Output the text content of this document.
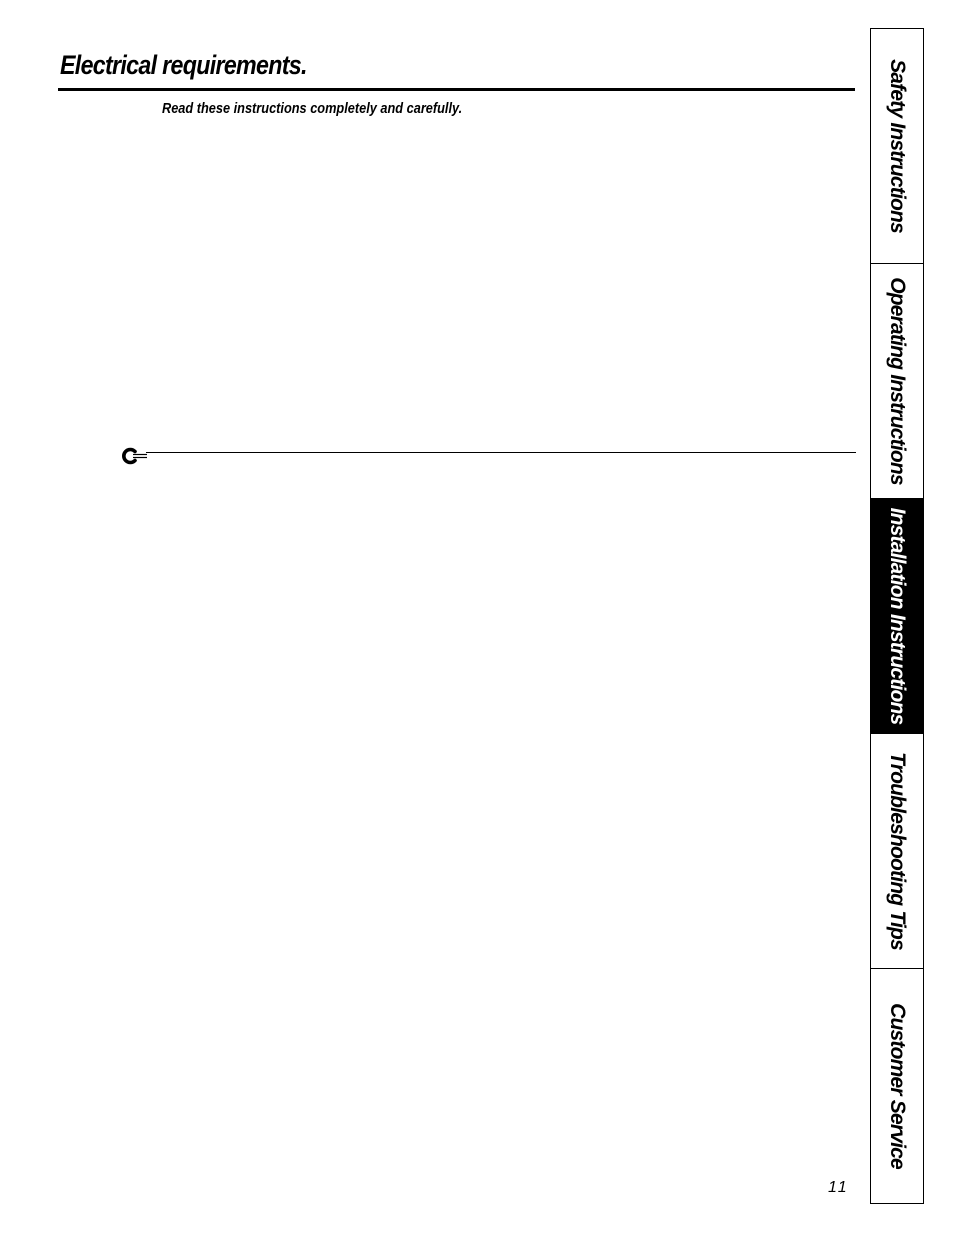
Electrical requirements.
Read these instructions completely and carefully.	Safety Instructions
Operating Instructions
Installation Instructions
Troubleshooting Tips
Customer Service
11
